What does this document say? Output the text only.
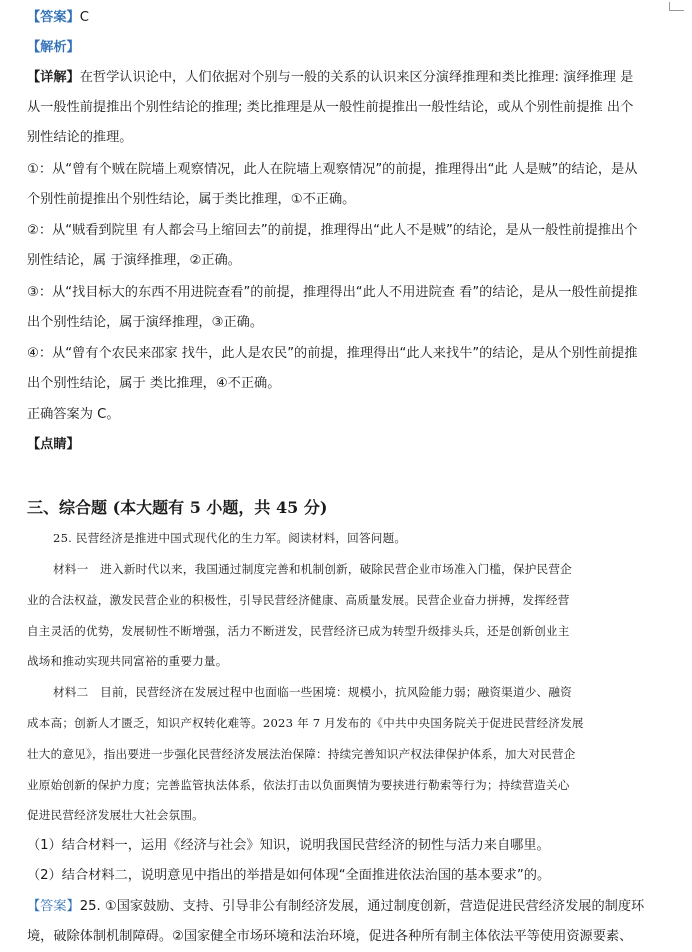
【答案】C
【解析】
【详解】在哲学认识论中，人们依据对个别与一般的关系的认识来区分演绎推理和类比推理: 演绎推理 是
从一般性前提推出个别性结论的推理; 类比推理是从一般性前提推出一般性结论，或从个别性前提推 出个
别性结论的推理。
①：从“曾有个贼在院墙上观察情况，此人在院墙上观察情况”的前提，推理得出“此 人是贼”的结论，是从
个别性前提推出个别性结论，属于类比推理，①不正确。
②：从“贼看到院里 有人都会马上缩回去”的前提，推理得出“此人不是贼”的结论，是从一般性前提推出个
别性结论，属 于演绎推理，②正确。
③：从“找目标大的东西不用进院查看”的前提，推理得出“此人不用进院查 看”的结论，是从一般性前提推
出个别性结论，属于演绎推理，③正确。
④：从“曾有个农民来邵家 找牛，此人是农民”的前提，推理得出“此人来找牛”的结论，是从个别性前提推
出个别性结论，属于 类比推理，④不正确。
正确答案为 C。
【点睛】
三、综合题 (本大题有 5 小题，共 45 分)
25. 民营经济是推进中国式现代化的生力军。阅读材料，回答问题。
材料一　进入新时代以来，我国通过制度完善和机制创新，破除民营企业市场准入门槛，保护民营企
业的合法权益，激发民营企业的积极性，引导民营经济健康、高质量发展。民营企业奋力拼搏，发挥经营
自主灵活的优势，发展韧性不断增强，活力不断迸发，民营经济已成为转型升级排头兵，还是创新创业主
战场和推动实现共同富裕的重要力量。
材料二　目前，民营经济在发展过程中也面临一些困境：规模小，抗风险能力弱；融资渠道少、融资
成本高；创新人才匮乏，知识产权转化难等。2023 年 7 月发布的《中共中央国务院关于促进民营经济发展
壮大的意见》，指出要进一步强化民营经济发展法治保障：持续完善知识产权法律保护体系，加大对民营企
业原始创新的保护力度；完善监管执法体系，依法打击以负面舆情为要挟进行勒索等行为；持续营造关心
促进民营经济发展壮大社会氛围。
（1）结合材料一，运用《经济与社会》知识，说明我国民营经济的韧性与活力来自哪里。
（2）结合材料二，说明意见中指出的举措是如何体现“全面推进依法治国的基本要求”的。
【答案】25. ①国家鼓励、支持、引导非公有制经济发展，通过制度创新，营造促进民营经济发展的制度环
境，破除体制机制障碍。②国家健全市场环境和法治环境，促进各种所有制主体依法平等使用资源要素、
